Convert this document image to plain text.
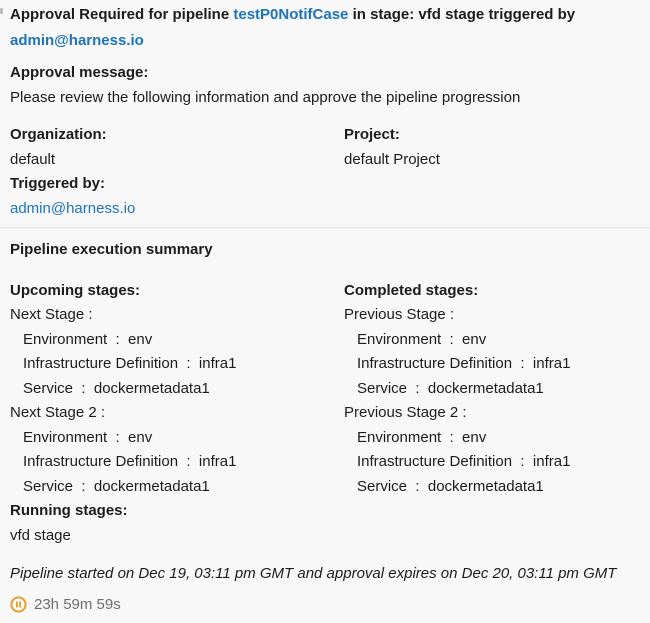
Approval Required for pipeline testP0NotifCase in stage: vfd stage triggered by admin@harness.io
Approval message:
Please review the following information and approve the pipeline progression
Organization:
default
Triggered by:
admin@harness.io
Project:
default Project
Pipeline execution summary
Upcoming stages:
Next Stage :
Environment  :  env
Infrastructure Definition  :  infra1
Service  :  dockermetadata1
Next Stage 2 :
Environment  :  env
Infrastructure Definition  :  infra1
Service  :  dockermetadata1
Completed stages:
Previous Stage :
Environment  :  env
Infrastructure Definition  :  infra1
Service  :  dockermetadata1
Previous Stage 2 :
Environment  :  env
Infrastructure Definition  :  infra1
Service  :  dockermetadata1
Running stages:
vfd stage
Pipeline started on Dec 19, 03:11 pm GMT and approval expires on Dec 20, 03:11 pm GMT
23h 59m 59s
